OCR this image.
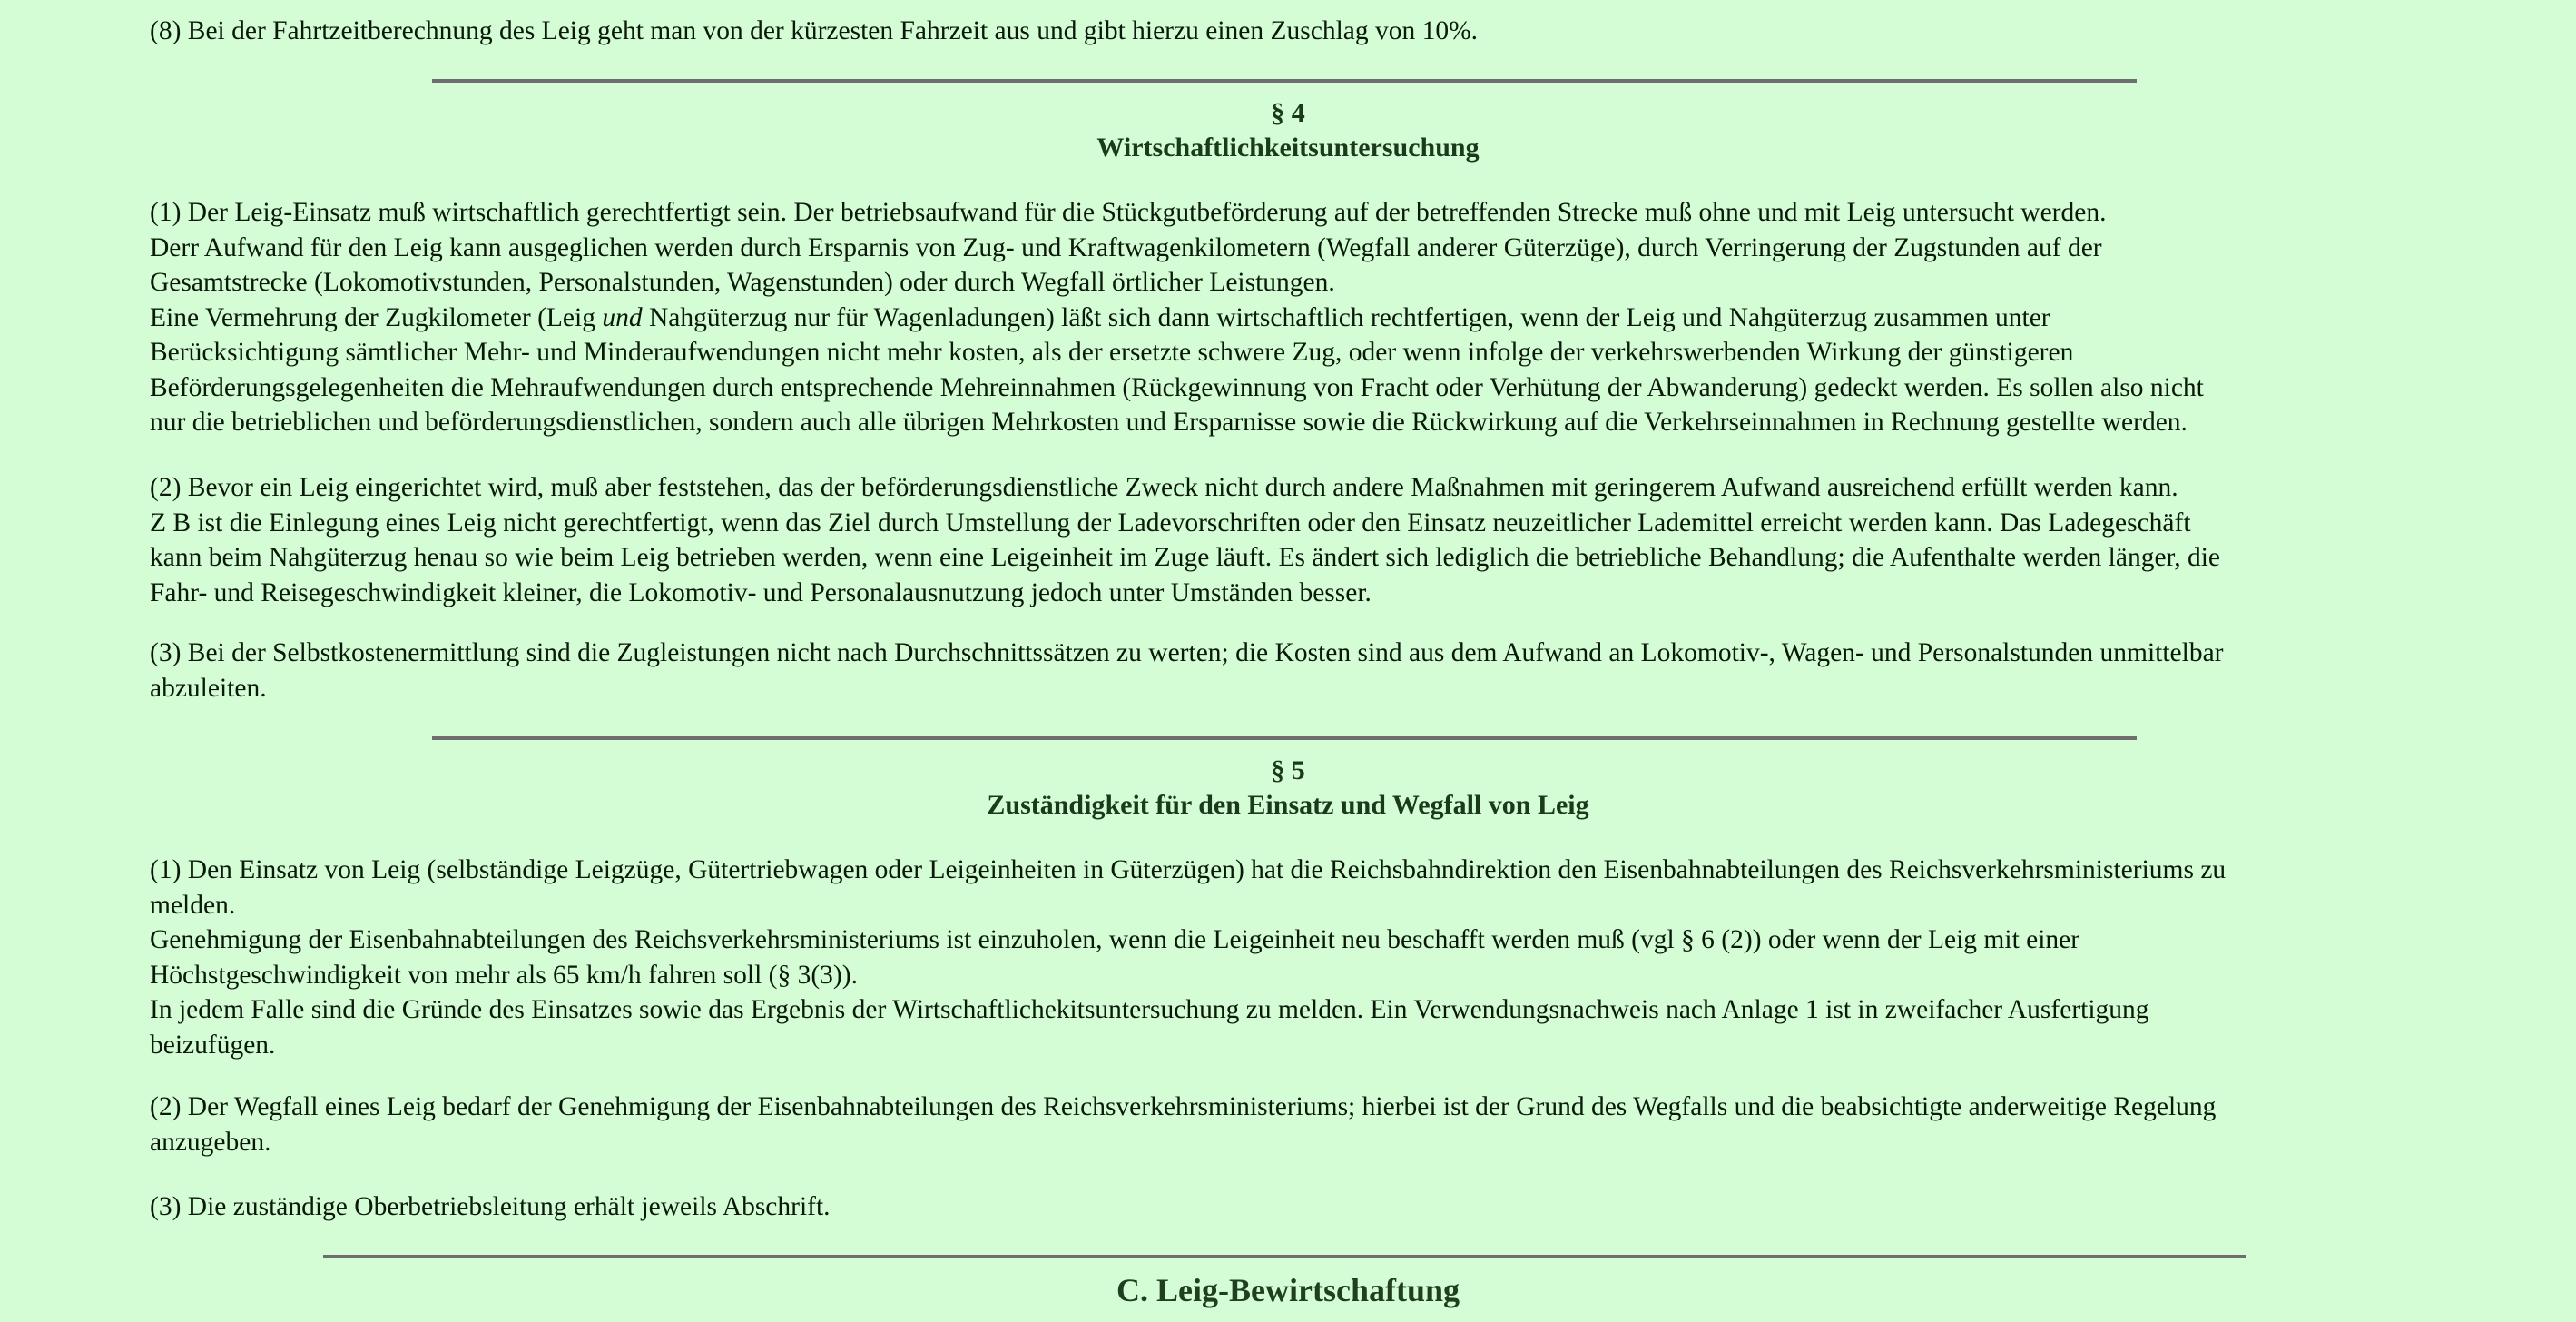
(8) Bei der Fahrtzeitberechnung des Leig geht man von der kürzesten Fahrzeit aus und gibt hierzu einen Zuschlag von 10%.

§ 4
Wirtschaftlichkeitsuntersuchung

(1) Der Leig-Einsatz muß wirtschaftlich gerechtfertigt sein. Der betriebsaufwand für die Stückgutbeförderung auf der betreffenden Strecke muß ohne und mit Leig untersucht werden.
Derr Aufwand für den Leig kann ausgeglichen werden durch Ersparnis von Zug- und Kraftwagenkilometern (Wegfall anderer Güterzüge), durch Verringerung der Zugstunden auf der
Gesamtstrecke (Lokomotivstunden, Personalstunden, Wagenstunden) oder durch Wegfall örtlicher Leistungen.
Eine Vermehrung der Zugkilometer (Leig und Nahgüterzug nur für Wagenladungen) läßt sich dann wirtschaftlich rechtfertigen, wenn der Leig und Nahgüterzug zusammen unter
Berücksichtigung sämtlicher Mehr- und Minderaufwendungen nicht mehr kosten, als der ersetzte schwere Zug, oder wenn infolge der verkehrswerbenden Wirkung der günstigeren
Beförderungsgelegenheiten die Mehraufwendungen durch entsprechende Mehreinnahmen (Rückgewinnung von Fracht oder Verhütung der Abwanderung) gedeckt werden. Es sollen also nicht
nur die betrieblichen und beförderungsdienstlichen, sondern auch alle übrigen Mehrkosten und Ersparnisse sowie die Rückwirkung auf die Verkehrseinnahmen in Rechnung gestellte werden.

(2) Bevor ein Leig eingerichtet wird, muß aber feststehen, das der beförderungsdienstliche Zweck nicht durch andere Maßnahmen mit geringerem Aufwand ausreichend erfüllt werden kann.
Z B ist die Einlegung eines Leig nicht gerechtfertigt, wenn das Ziel durch Umstellung der Ladevorschriften oder den Einsatz neuzeitlicher Lademittel erreicht werden kann. Das Ladegeschäft
kann beim Nahgüterzug henau so wie beim Leig betrieben werden, wenn eine Leigeinheit im Zuge läuft. Es ändert sich lediglich die betriebliche Behandlung; die Aufenthalte werden länger, die
Fahr- und Reisegeschwindigkeit kleiner, die Lokomotiv- und Personalausnutzung jedoch unter Umständen besser.

(3) Bei der Selbstkostenermittlung sind die Zugleistungen nicht nach Durchschnittssätzen zu werten; die Kosten sind aus dem Aufwand an Lokomotiv-, Wagen- und Personalstunden unmittelbar
abzuleiten.

§ 5
Zuständigkeit für den Einsatz und Wegfall von Leig

(1) Den Einsatz von Leig (selbständige Leigzüge, Gütertriebwagen oder Leigeinheiten in Güterzügen) hat die Reichsbahndirektion den Eisenbahnabteilungen des Reichsverkehrsministeriums zu
melden.
Genehmigung der Eisenbahnabteilungen des Reichsverkehrsministeriums ist einzuholen, wenn die Leigeinheit neu beschafft werden muß (vgl § 6 (2)) oder wenn der Leig mit einer
Höchstgeschwindigkeit von mehr als 65 km/h fahren soll (§ 3(3)).
In jedem Falle sind die Gründe des Einsatzes sowie das Ergebnis der Wirtschaftlichekitsuntersuchung zu melden. Ein Verwendungsnachweis nach Anlage 1 ist in zweifacher Ausfertigung
beizufügen.

(2) Der Wegfall eines Leig bedarf der Genehmigung der Eisenbahnabteilungen des Reichsverkehrsministeriums; hierbei ist der Grund des Wegfalls und die beabsichtigte anderweitige Regelung
anzugeben.

(3) Die zuständige Oberbetriebsleitung erhält jeweils Abschrift.

C. Leig-Bewirtschaftung
